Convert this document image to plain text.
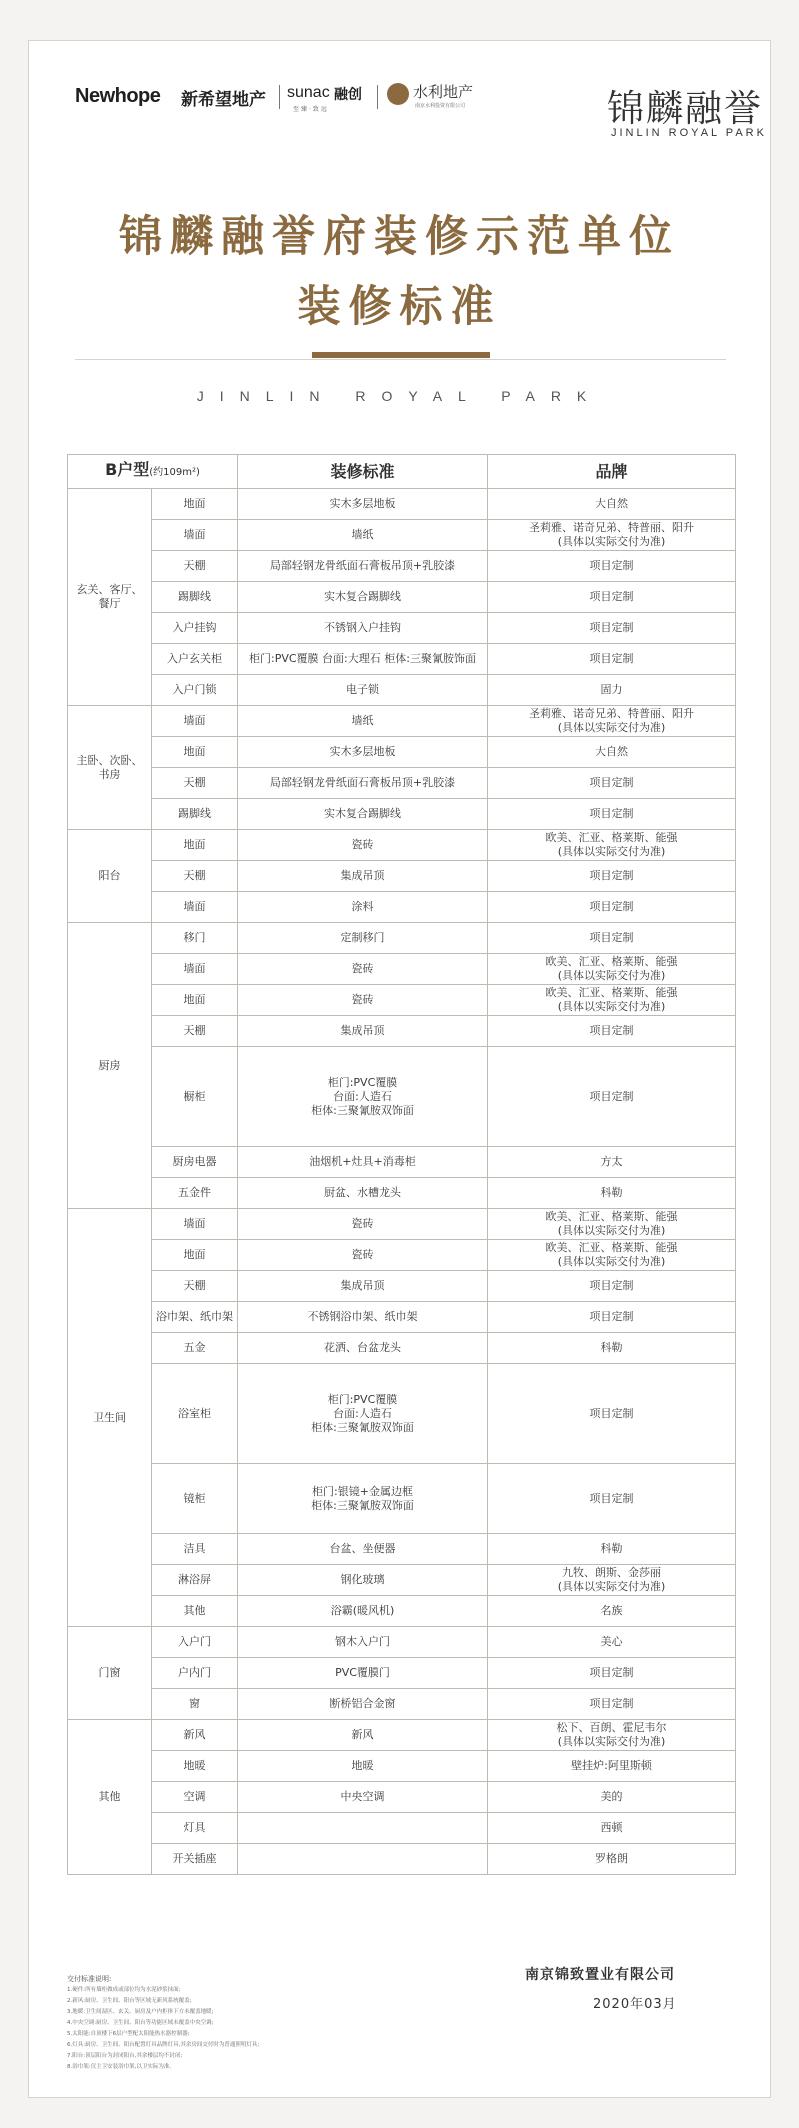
Newhope 新希望地产 sunac 融创
至臻·致远
水利地产
南京水利投资有限公司	锦麟融誉
JINLIN ROYAL PARK
锦麟融誉府装修示范单位
装修标准
JINLIN ROYAL PARK
B户型(约109m²)		装修标准	品牌
玄关、客厅、餐厅	地面	实木多层地板	大自然
	墙面	墙纸	圣莉雅、诺奇兄弟、特普丽、阳升
(具体以实际交付为准)
	天棚	局部轻钢龙骨纸面石膏板吊顶+乳胶漆	项目定制
	踢脚线	实木复合踢脚线	项目定制
	入户挂钩	不锈钢入户挂钩	项目定制
	入户玄关柜	柜门:PVC覆膜 台面:大理石 柜体:三聚氰胺饰面	项目定制
	入户门锁	电子锁	固力
主卧、次卧、书房	墙面	墙纸	圣莉雅、诺奇兄弟、特普丽、阳升
(具体以实际交付为准)
	地面	实木多层地板	大自然
	天棚	局部轻钢龙骨纸面石膏板吊顶+乳胶漆	项目定制
	踢脚线	实木复合踢脚线	项目定制
阳台	地面	瓷砖	欧美、汇亚、格莱斯、能强
(具体以实际交付为准)
	天棚	集成吊顶	项目定制
	墙面	涂料	项目定制
厨房	移门	定制移门	项目定制
	墙面	瓷砖	欧美、汇亚、格莱斯、能强
(具体以实际交付为准)
	地面	瓷砖	欧美、汇亚、格莱斯、能强
(具体以实际交付为准)
	天棚	集成吊顶	项目定制
	橱柜	柜门:PVC覆膜
台面:人造石
柜体:三聚氰胺双饰面	项目定制
	厨房电器	油烟机+灶具+消毒柜	方太
	五金件	厨盆、水槽龙头	科勒
卫生间	墙面	瓷砖	欧美、汇亚、格莱斯、能强
(具体以实际交付为准)
	地面	瓷砖	欧美、汇亚、格莱斯、能强
(具体以实际交付为准)
	天棚	集成吊顶	项目定制
	浴巾架、纸巾架	不锈钢浴巾架、纸巾架	项目定制
	五金	花洒、台盆龙头	科勒
	浴室柜	柜门:PVC覆膜
台面:人造石
柜体:三聚氰胺双饰面	项目定制
	镜柜	柜门:银镜+金属边框
柜体:三聚氰胺双饰面	项目定制
	洁具	台盆、坐便器	科勒
	淋浴屏	钢化玻璃	九牧、朗斯、金莎丽
(具体以实际交付为准)
	其他	浴霸(暖风机)	名族
门窗	入户门	钢木入户门	美心
	户内门	PVC覆膜门	项目定制
	窗	断桥铝合金窗	项目定制
其他	新风	新风	松下、百朗、霍尼韦尔
(具体以实际交付为准)
	地暖	地暖	壁挂炉:阿里斯顿
	空调	中央空调	美的
	灯具		西顿
	开关插座		罗格朗
交付标准说明:
1.硬件:所有墙柜做成或部位均为水泥砂浆抹面;
2.新风:厨房、卫生间、阳台等区域无新风系统覆盖;
3.地暖:卫生间湿区、玄关、厨房及户内柜体下方未覆盖地暖;
4.中央空调:厨房、卫生间、阳台等功能区域未覆盖中央空调;
5.太阳能:自顶楼下6层户型配太阳能热水器控制器;
6.灯具:厨房、卫生间、阳台配置灯具品牌灯具,其余房间交付时为普通照明灯具;
7.阳台:顶层阳台为封闭阳台,其余楼层均不封闭;
8.浴巾架:仅主卫安装浴巾架,以卫实际为准。
南京锦致置业有限公司
2020年03月
